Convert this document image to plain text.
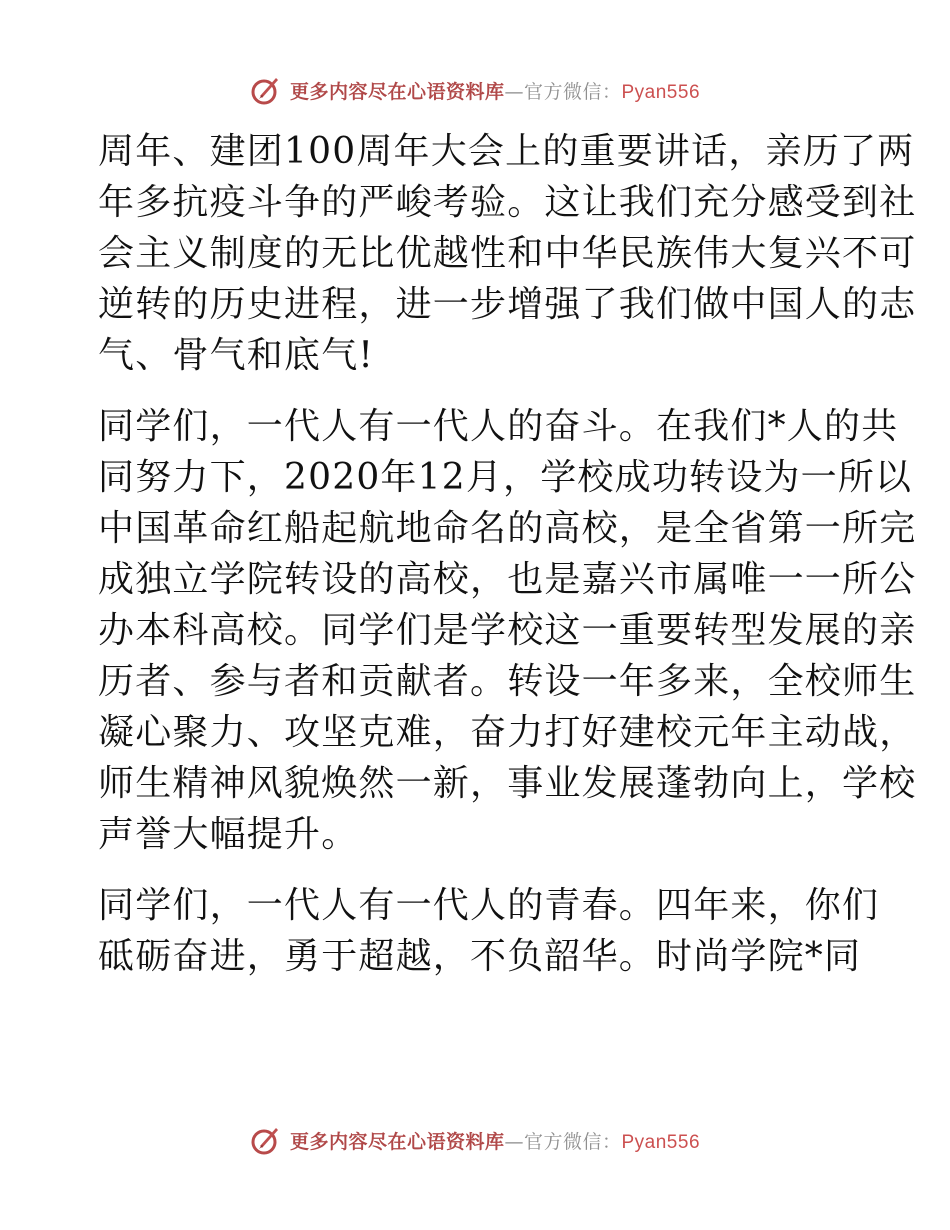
更多内容尽在心语资料库—官方微信：Pyan556

周年、建团100周年大会上的重要讲话，亲历了两
年多抗疫斗争的严峻考验。这让我们充分感受到社
会主义制度的无比优越性和中华民族伟大复兴不可
逆转的历史进程，进一步增强了我们做中国人的志
气、骨气和底气!

同学们，一代人有一代人的奋斗。在我们*人的共
同努力下，2020年12月，学校成功转设为一所以
中国革命红船起航地命名的高校，是全省第一所完
成独立学院转设的高校，也是嘉兴市属唯一一所公
办本科高校。同学们是学校这一重要转型发展的亲
历者、参与者和贡献者。转设一年多来，全校师生
凝心聚力、攻坚克难，奋力打好建校元年主动战，
师生精神风貌焕然一新，事业发展蓬勃向上，学校
声誉大幅提升。

同学们，一代人有一代人的青春。四年来，你们
砥砺奋进，勇于超越，不负韶华。时尚学院*同

更多内容尽在心语资料库—官方微信：Pyan556
